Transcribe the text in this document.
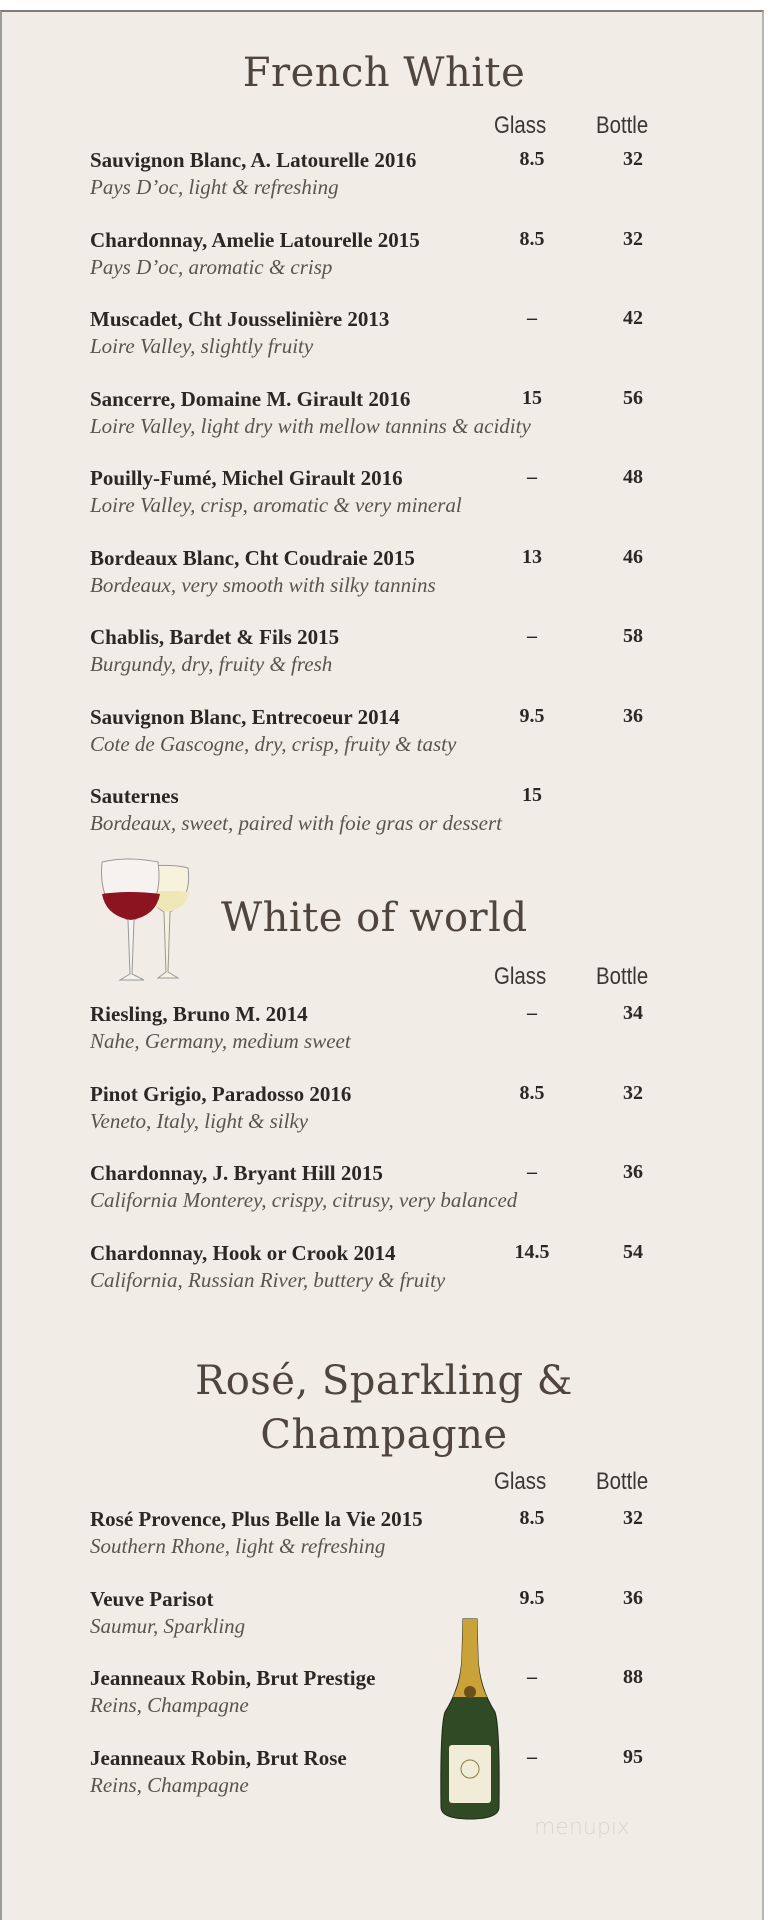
French White
Glass Bottle
Sauvignon Blanc, A. Latourelle 2016	8.5	32
Pays D’oc, light & refreshing
Chardonnay, Amelie Latourelle 2015	8.5	32
Pays D’oc, aromatic & crisp
Muscadet, Cht Jousselinière 2013	–	42
Loire Valley, slightly fruity
Sancerre, Domaine M. Girault 2016	15	56
Loire Valley, light dry with mellow tannins & acidity
Pouilly-Fumé, Michel Girault 2016	–	48
Loire Valley, crisp, aromatic & very mineral
Bordeaux Blanc, Cht Coudraie 2015	13	46
Bordeaux, very smooth with silky tannins
Chablis, Bardet & Fils 2015	–	58
Burgundy, dry, fruity & fresh
Sauvignon Blanc, Entrecoeur 2014	9.5	36
Cote de Gascogne, dry, crisp, fruity & tasty
Sauternes	15
Bordeaux, sweet, paired with foie gras or dessert
White of world
Glass Bottle
Riesling, Bruno M. 2014	–	34
Nahe, Germany, medium sweet
Pinot Grigio, Paradosso 2016	8.5	32
Veneto, Italy, light & silky
Chardonnay, J. Bryant Hill 2015	–	36
California Monterey, crispy, citrusy, very balanced
Chardonnay, Hook or Crook 2014	14.5	54
California, Russian River, buttery & fruity
Rosé, Sparkling &
Champagne
Glass Bottle
Rosé Provence, Plus Belle la Vie 2015	8.5	32
Southern Rhone, light & refreshing
Veuve Parisot	9.5	36
Saumur, Sparkling
Jeanneaux Robin, Brut Prestige	–	88
Reins, Champagne
Jeanneaux Robin, Brut Rose	–	95
Reins, Champagne
menupix
